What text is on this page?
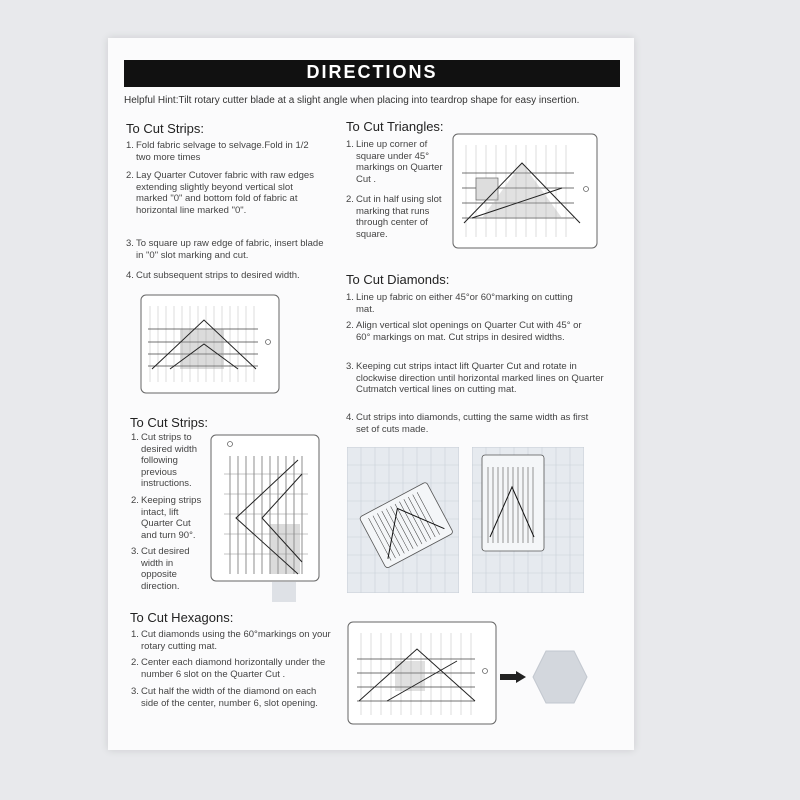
DIRECTIONS
Helpful Hint:Tilt rotary cutter blade at a slight angle when placing into teardrop shape for easy insertion.
To Cut Strips:
1. Fold fabric selvage to selvage.Fold in 1/2 two more times
2. Lay Quarter Cutover fabric with raw edges extending slightly beyond vertical slot marked "0" and bottom fold of fabric at horizontal line marked "0".
3. To square up raw edge of fabric, insert blade in "0" slot marking and cut.
4. Cut subsequent strips to desired width.
To Cut Triangles:
1. Line up corner of square under 45° markings on Quarter Cut .
2. Cut in half using slot marking that runs through center of square.
To Cut Diamonds:
1. Line up fabric on either 45°or 60°marking on cutting mat.
2. Align vertical slot openings on Quarter Cut with 45° or 60° markings on mat. Cut strips in desired widths.
3. Keeping cut strips intact lift Quarter Cut and rotate in clockwise direction until horizontal marked lines on Quarter Cutmatch vertical lines on cutting mat.
4. Cut strips into diamonds, cutting the same width as first set of cuts made.
To Cut Strips:
1. Cut strips to desired width following previous instructions.
2. Keeping strips intact, lift Quarter Cut and turn 90°.
3. Cut desired width in opposite direction.
To Cut Hexagons:
1. Cut diamonds using the 60°markings on your rotary cutting mat.
2. Center each diamond horizontally under the number 6 slot on the Quarter Cut .
3. Cut half the width of the diamond on each side of the center, number 6, slot opening.
